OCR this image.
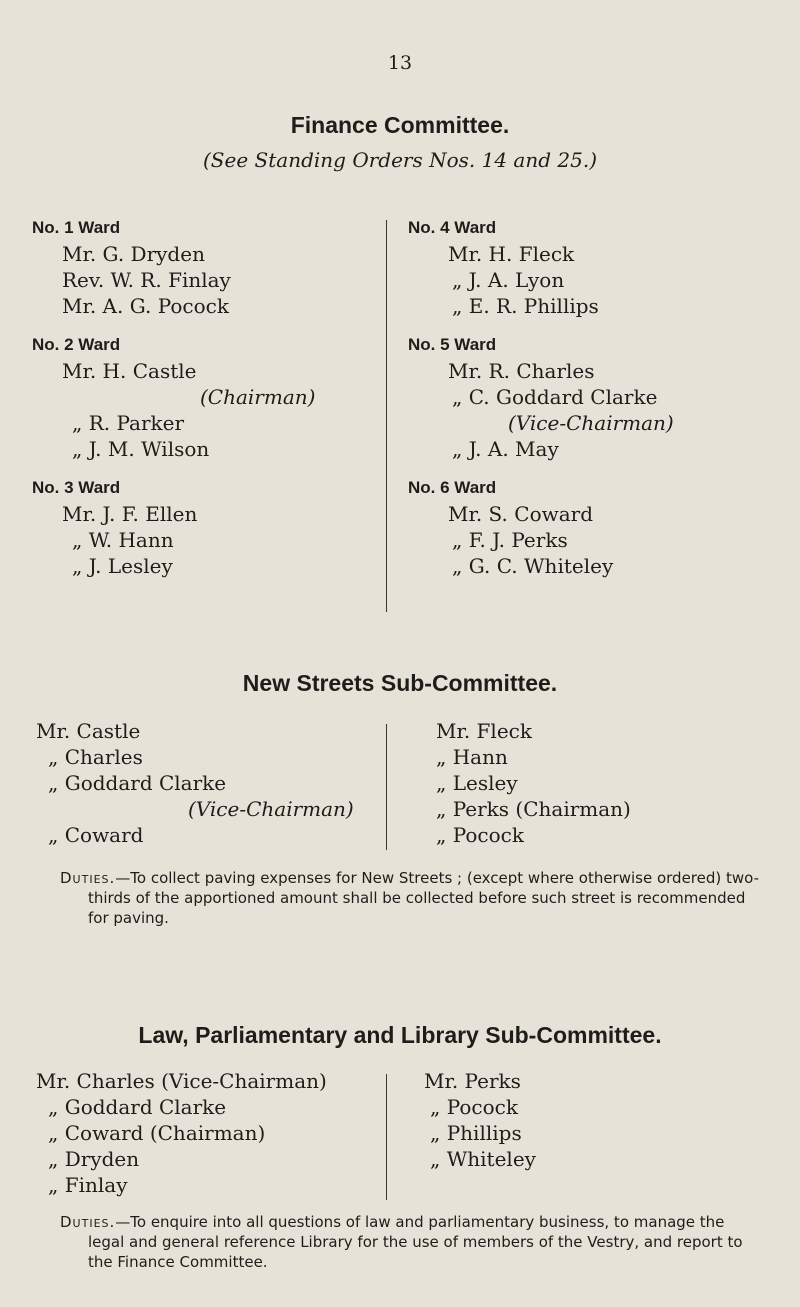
13
Finance Committee.
(See Standing Orders Nos. 14 and 25.)
No. 1 Ward
Mr. G. Dryden
Rev. W. R. Finlay
Mr. A. G. Pocock
No. 2 Ward
Mr. H. Castle
(Chairman)
„ R. Parker
„ J. M. Wilson
No. 3 Ward
Mr. J. F. Ellen
„ W. Hann
„ J. Lesley
No. 4 Ward
Mr. H. Fleck
„ J. A. Lyon
„ E. R. Phillips
No. 5 Ward
Mr. R. Charles
„ C. Goddard Clarke
(Vice-Chairman)
„ J. A. May
No. 6 Ward
Mr. S. Coward
„ F. J. Perks
„ G. C. Whiteley
New Streets Sub-Committee.
Mr. Castle
„ Charles
„ Goddard Clarke
(Vice-Chairman)
„ Coward
Mr. Fleck
„ Hann
„ Lesley
„ Perks (Chairman)
„ Pocock
Duties.—To collect paving expenses for New Streets ; (except where otherwise ordered) two-thirds of the apportioned amount shall be collected before such street is recommended for paving.
Law, Parliamentary and Library Sub-Committee.
Mr. Charles (Vice-Chairman)
„ Goddard Clarke
„ Coward (Chairman)
„ Dryden
„ Finlay
Mr. Perks
„ Pocock
„ Phillips
„ Whiteley
Duties.—To enquire into all questions of law and parliamentary business, to manage the legal and general reference Library for the use of members of the Vestry, and report to the Finance Committee.
